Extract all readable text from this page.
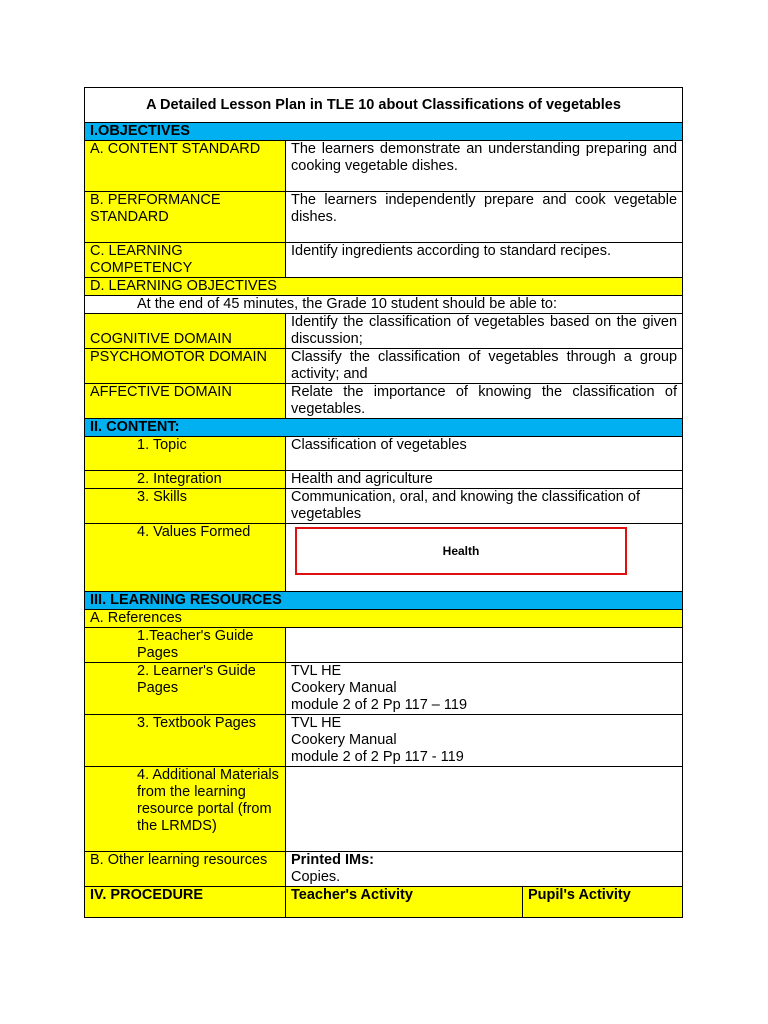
A Detailed Lesson Plan in TLE 10 about Classifications of vegetables		
I.OBJECTIVES		
A. CONTENT STANDARD	The learners demonstrate an understanding preparing and cooking vegetable dishes.	
B. PERFORMANCE STANDARD	The learners independently prepare and cook vegetable dishes.	
C. LEARNING COMPETENCY	Identify ingredients according to standard recipes.	
D. LEARNING OBJECTIVES		
At the end of 45 minutes, the Grade 10 student should be able to:		
COGNITIVE DOMAIN	Identify the classification of vegetables based on the given discussion;	
PSYCHOMOTOR DOMAIN	Classify the classification of vegetables through a group activity; and	
AFFECTIVE DOMAIN	Relate the importance of knowing the classification of vegetables.	
II. CONTENT:		
1. Topic	Classification of vegetables	
2. Integration	Health and agriculture	
3. Skills	Communication, oral, and knowing the classification of vegetables	
4. Values Formed	Health	

III. LEARNING RESOURCES		
A. References		
1.Teacher's Guide Pages		
2. Learner's Guide Pages	TVL HE
Cookery Manual
module 2 of 2 Pp 117 – 119	
3. Textbook Pages	TVL HE
Cookery Manual
module 2 of 2 Pp 117 - 119	
4. Additional Materials from the learning resource portal (from the LRMDS)		
B. Other learning resources	Printed IMs:
Copies.	

IV. PROCEDURE	Teacher's Activity	Pupil's Activity
